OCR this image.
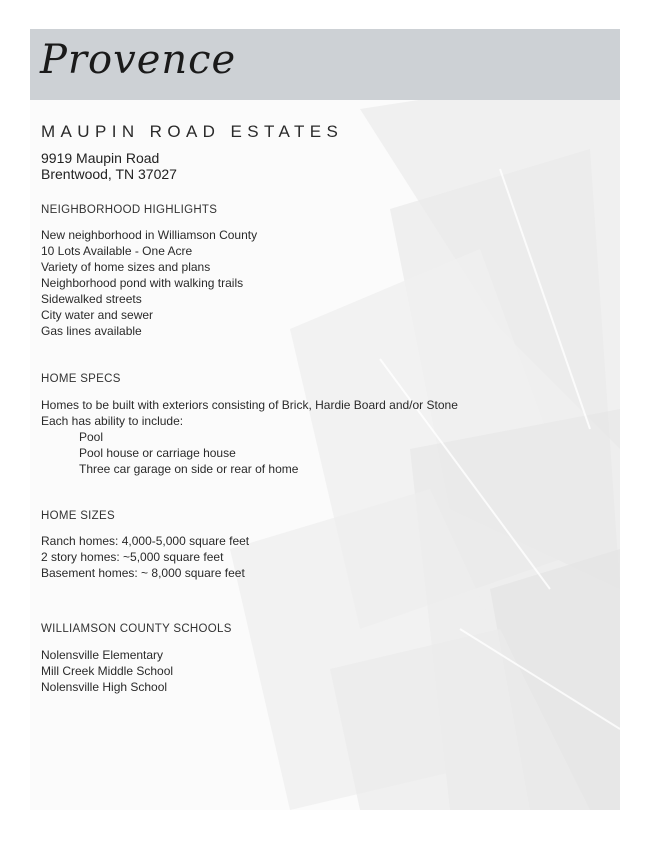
Provence
MAUPIN ROAD ESTATES
9919 Maupin Road
Brentwood, TN 37027
NEIGHBORHOOD HIGHLIGHTS
New neighborhood in Williamson County
10 Lots Available - One Acre
Variety of home sizes and plans
Neighborhood pond with walking trails
Sidewalked streets
City water and sewer
Gas lines available
HOME SPECS
Homes to be built with exteriors consisting of Brick, Hardie Board and/or Stone
Each has ability to include:
Pool
Pool house or carriage house
Three car garage on side or rear of home
HOME SIZES
Ranch homes: 4,000-5,000 square feet
2 story homes: ~5,000 square feet
Basement homes: ~ 8,000 square feet
WILLIAMSON COUNTY SCHOOLS
Nolensville Elementary
Mill Creek Middle School
Nolensville High School
